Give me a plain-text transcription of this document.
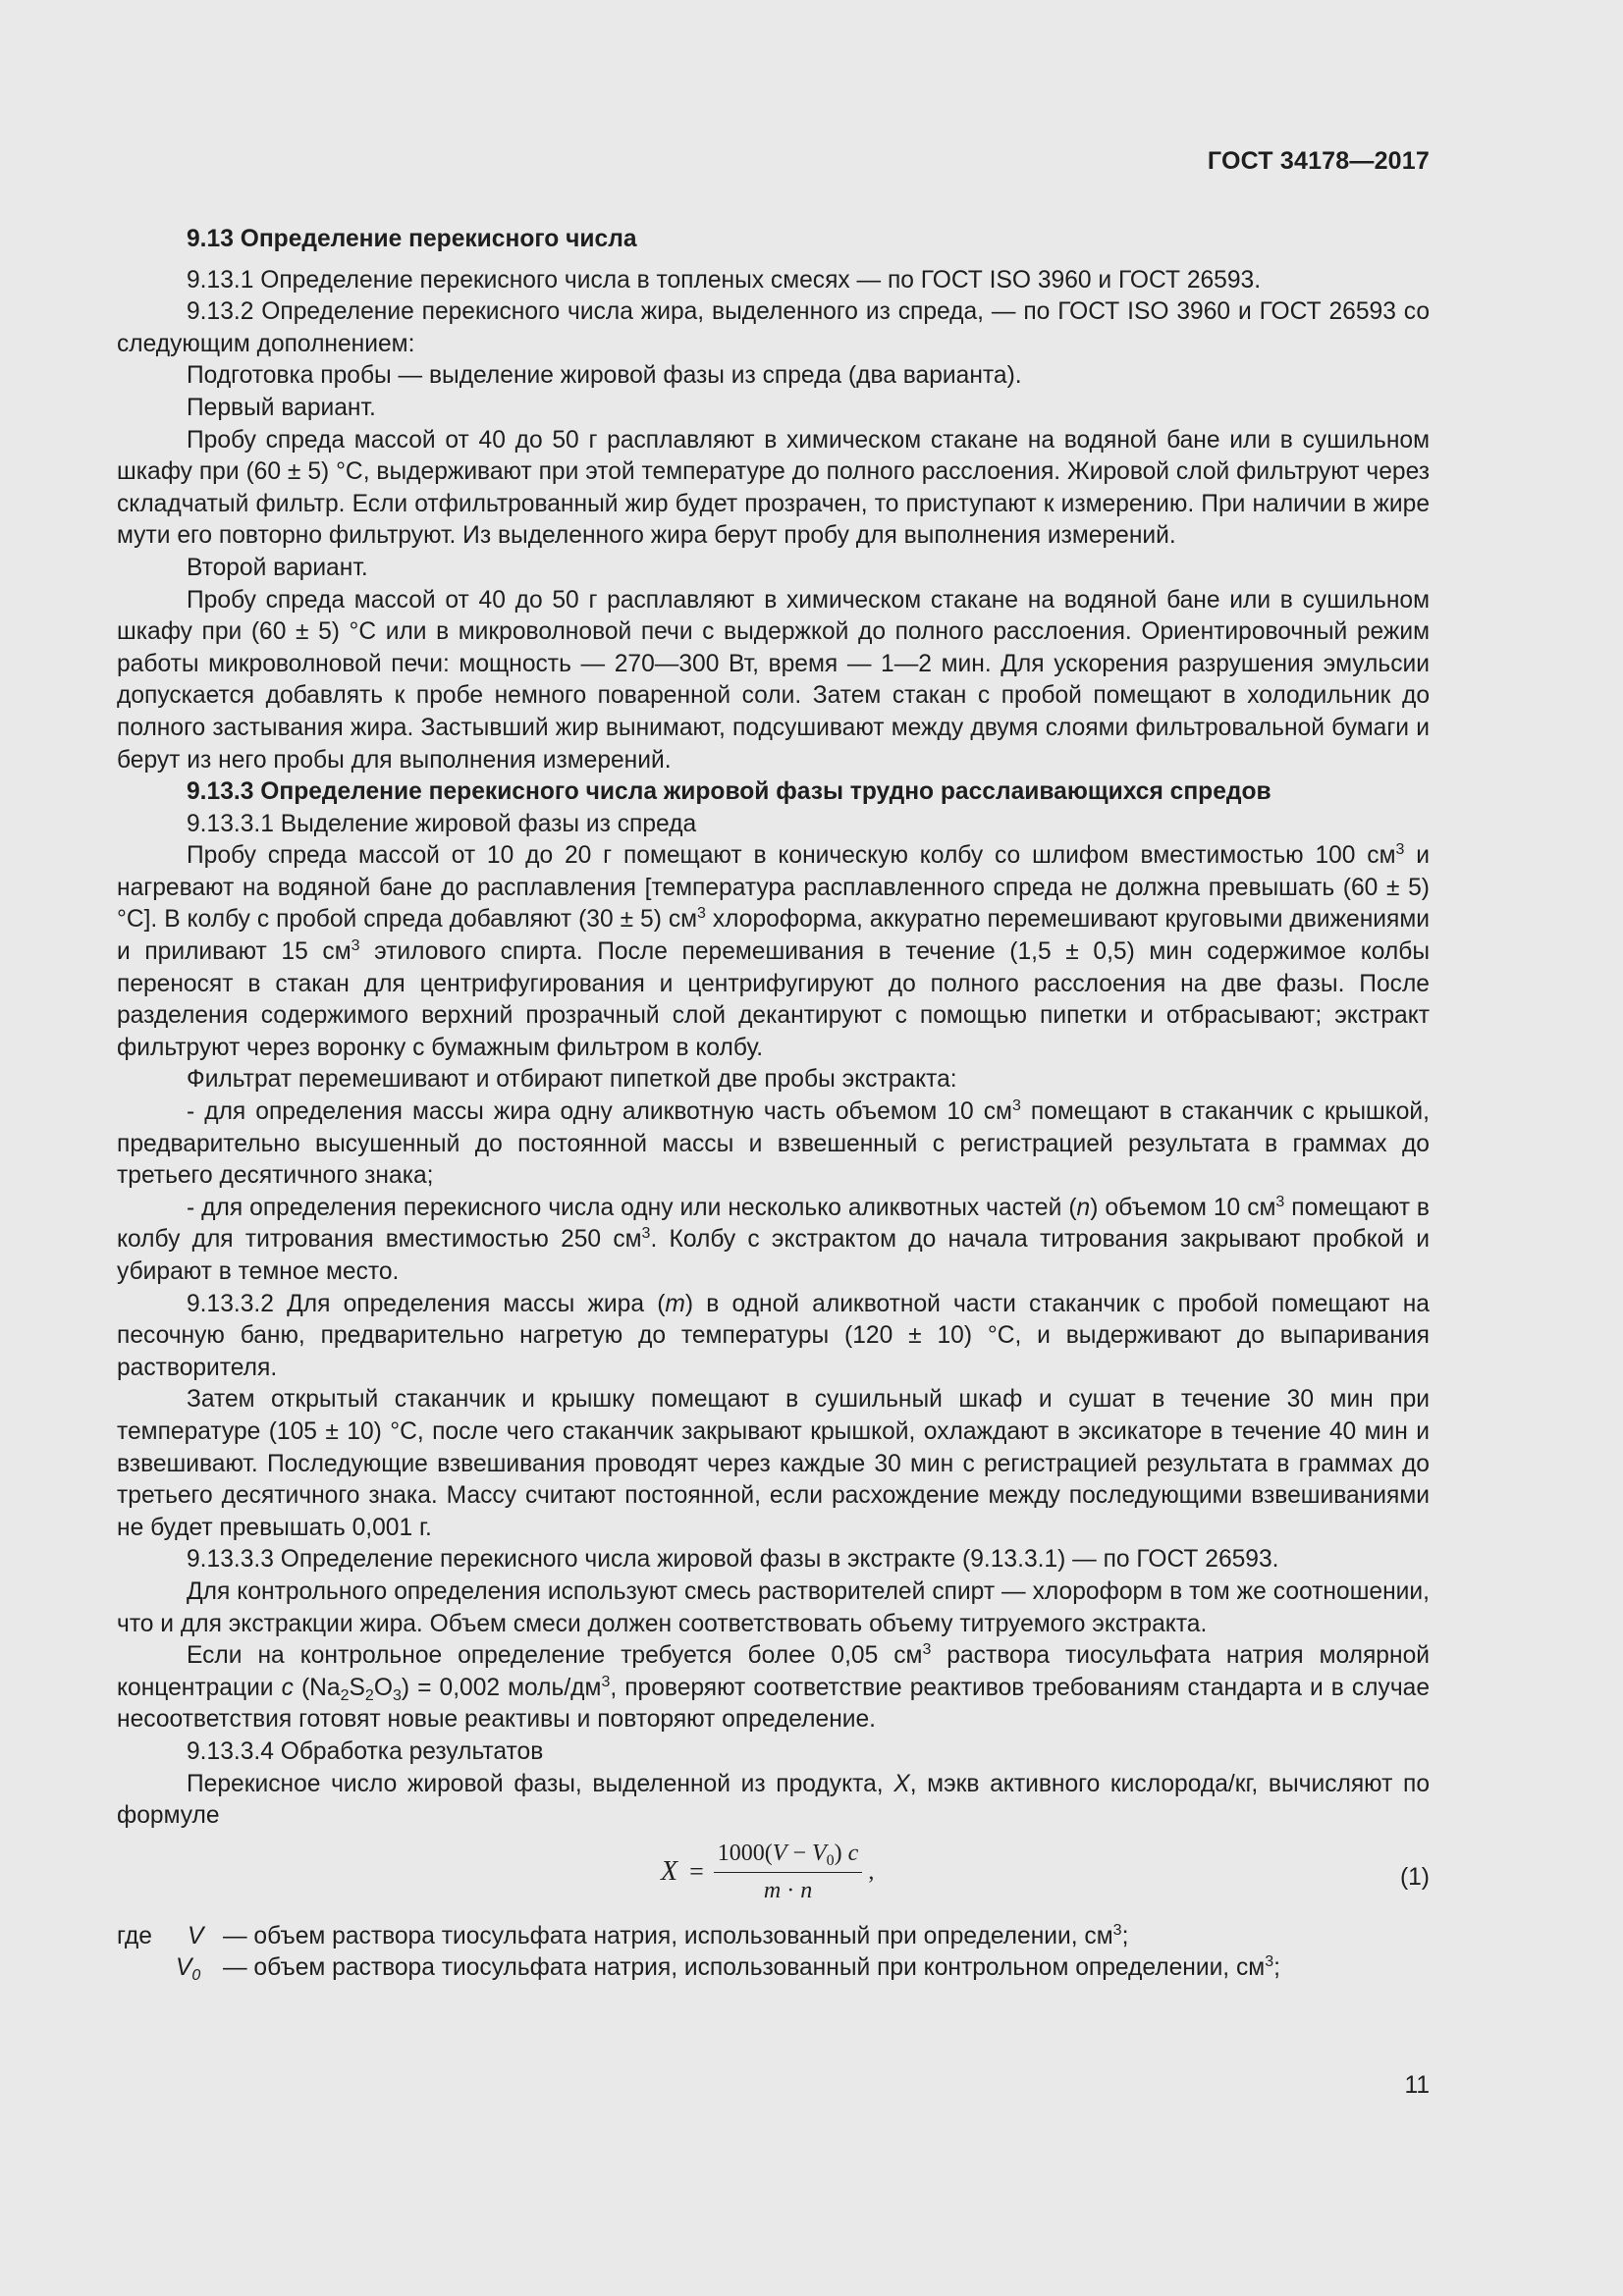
ГОСТ 34178—2017

9.13 Определение перекисного числа

9.13.1 Определение перекисного числа в топленых смесях — по ГОСТ ISO 3960 и ГОСТ 26593.

9.13.2 Определение перекисного числа жира, выделенного из спреда, — по ГОСТ ISO 3960 и ГОСТ 26593 со следующим дополнением:

Подготовка пробы — выделение жировой фазы из спреда (два варианта).

Первый вариант.

Пробу спреда массой от 40 до 50 г расплавляют в химическом стакане на водяной бане или в сушильном шкафу при (60 ± 5) °С, выдерживают при этой температуре до полного расслоения. Жировой слой фильтруют через складчатый фильтр. Если отфильтрованный жир будет прозрачен, то приступают к измерению. При наличии в жире мути его повторно фильтруют. Из выделенного жира берут пробу для выполнения измерений.

Второй вариант.

Пробу спреда массой от 40 до 50 г расплавляют в химическом стакане на водяной бане или в сушильном шкафу при (60 ± 5) °С или в микроволновой печи с выдержкой до полного расслоения. Ориентировочный режим работы микроволновой печи: мощность — 270—300 Вт, время — 1—2 мин. Для ускорения разрушения эмульсии допускается добавлять к пробе немного поваренной соли. Затем стакан с пробой помещают в холодильник до полного застывания жира. Застывший жир вынимают, подсушивают между двумя слоями фильтровальной бумаги и берут из него пробы для выполнения измерений.

9.13.3 Определение перекисного числа жировой фазы трудно расслаивающихся спредов

9.13.3.1 Выделение жировой фазы из спреда

Пробу спреда массой от 10 до 20 г помещают в коническую колбу со шлифом вместимостью 100 $см^3$ и нагревают на водяной бане до расплавления [температура расплавленного спреда не должна превышать (60 ± 5) °С]. В колбу с пробой спреда добавляют (30 ± 5) $см^3$ хлороформа, аккуратно перемешивают круговыми движениями и приливают 15 $см^3$ этилового спирта. После перемешивания в течение (1,5 ± 0,5) мин содержимое колбы переносят в стакан для центрифугирования и центрифугируют до полного расслоения на две фазы. После разделения содержимого верхний прозрачный слой декантируют с помощью пипетки и отбрасывают; экстракт фильтруют через воронку с бумажным фильтром в колбу.

Фильтрат перемешивают и отбирают пипеткой две пробы экстракта:

- для определения массы жира одну аликвотную часть объемом 10 $см^3$ помещают в стаканчик с крышкой, предварительно высушенный до постоянной массы и взвешенный с регистрацией результата в граммах до третьего десятичного знака;

- для определения перекисного числа одну или несколько аликвотных частей (n) объемом 10 $см^3$ помещают в колбу для титрования вместимостью 250 $см^3$. Колбу с экстрактом до начала титрования закрывают пробкой и убирают в темное место.

9.13.3.2 Для определения массы жира (m) в одной аликвотной части стаканчик с пробой помещают на песочную баню, предварительно нагретую до температуры (120 ± 10) °С, и выдерживают до выпаривания растворителя.

Затем открытый стаканчик и крышку помещают в сушильный шкаф и сушат в течение 30 мин при температуре (105 ± 10) °С, после чего стаканчик закрывают крышкой, охлаждают в эксикаторе в течение 40 мин и взвешивают. Последующие взвешивания проводят через каждые 30 мин с регистрацией результата в граммах до третьего десятичного знака. Массу считают постоянной, если расхождение между последующими взвешиваниями не будет превышать 0,001 г.

9.13.3.3 Определение перекисного числа жировой фазы в экстракте (9.13.3.1) — по ГОСТ 26593.

Для контрольного определения используют смесь растворителей спирт — хлороформ в том же соотношении, что и для экстракции жира. Объем смеси должен соответствовать объему титруемого экстракта.

Если на контрольное определение требуется более 0,05 $см^3$ раствора тиосульфата натрия молярной концентрации c $(Na_2S_2O_3) = 0,002$ моль/$дм^3$, проверяют соответствие реактивов требованиям стандарта и в случае несоответствия готовят новые реактивы и повторяют определение.

9.13.3.4 Обработка результатов

Перекисное число жировой фазы, выделенной из продукта, X, мэкв активного кислорода/кг, вычисляют по формуле

$X = \frac{1000(V - V_0) c}{m \cdot n}$ ,	(1)
где V — объем раствора тиосульфата натрия, использованный при определении, $см^3$;
$V_0$ — объем раствора тиосульфата натрия, использованный при контрольном определении, $см^3$;
11
